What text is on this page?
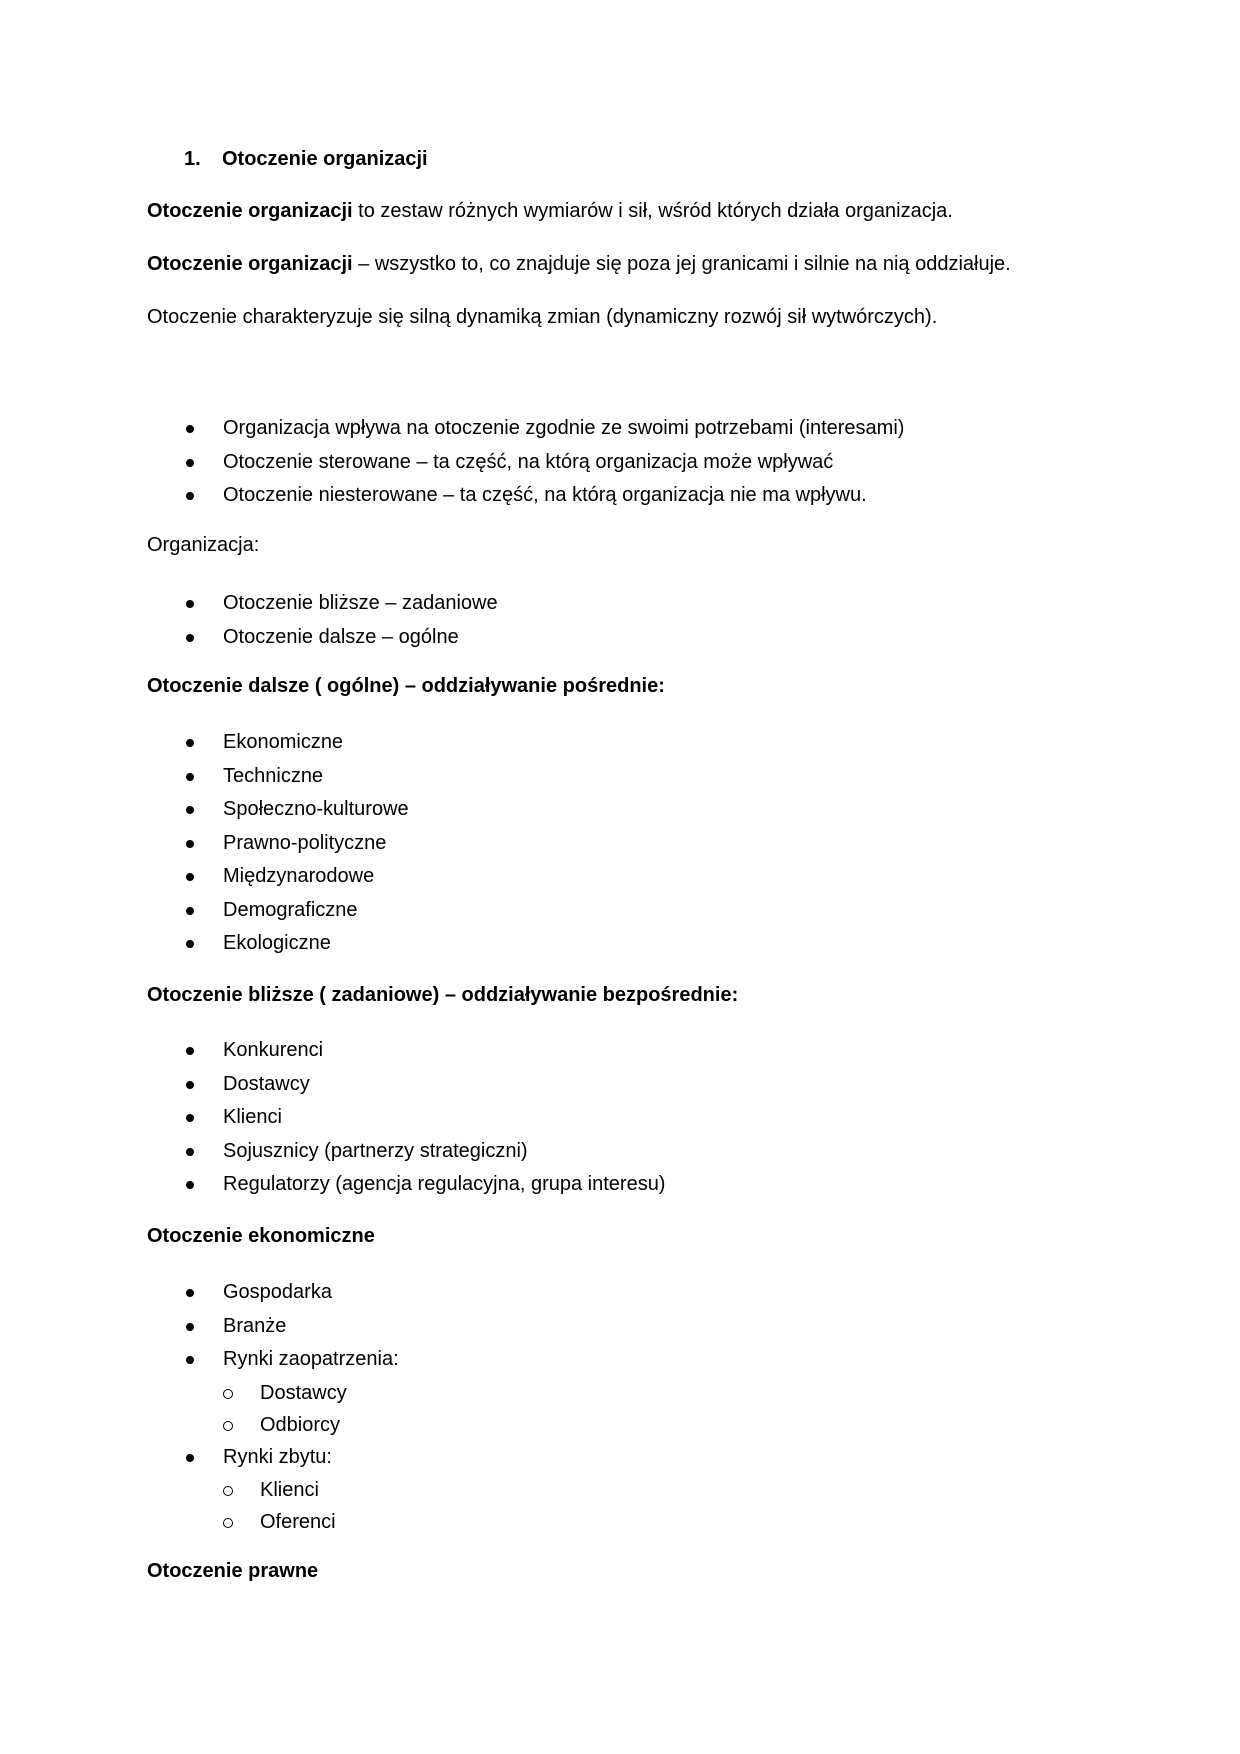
1. Otoczenie organizacji
Otoczenie organizacji to zestaw różnych wymiarów i sił, wśród których działa organizacja.
Otoczenie organizacji – wszystko to, co znajduje się poza jej granicami i silnie na nią oddziałuje.
Otoczenie charakteryzuje się silną dynamiką zmian (dynamiczny rozwój sił wytwórczych).
Organizacja wpływa na otoczenie zgodnie ze swoimi potrzebami (interesami)
Otoczenie sterowane – ta część, na którą organizacja może wpływać
Otoczenie niesterowane – ta część, na którą organizacja nie ma wpływu.
Organizacja:
Otoczenie bliższe – zadaniowe
Otoczenie dalsze – ogólne
Otoczenie dalsze ( ogólne) – oddziaływanie pośrednie:
Ekonomiczne
Techniczne
Społeczno-kulturowe
Prawno-polityczne
Międzynarodowe
Demograficzne
Ekologiczne
Otoczenie bliższe ( zadaniowe) – oddziaływanie bezpośrednie:
Konkurenci
Dostawcy
Klienci
Sojusznicy (partnerzy strategiczni)
Regulatorzy (agencja regulacyjna, grupa interesu)
Otoczenie ekonomiczne
Gospodarka
Branże
Rynki zaopatrzenia:
Dostawcy
Odbiorcy
Rynki zbytu:
Klienci
Oferenci
Otoczenie prawne
